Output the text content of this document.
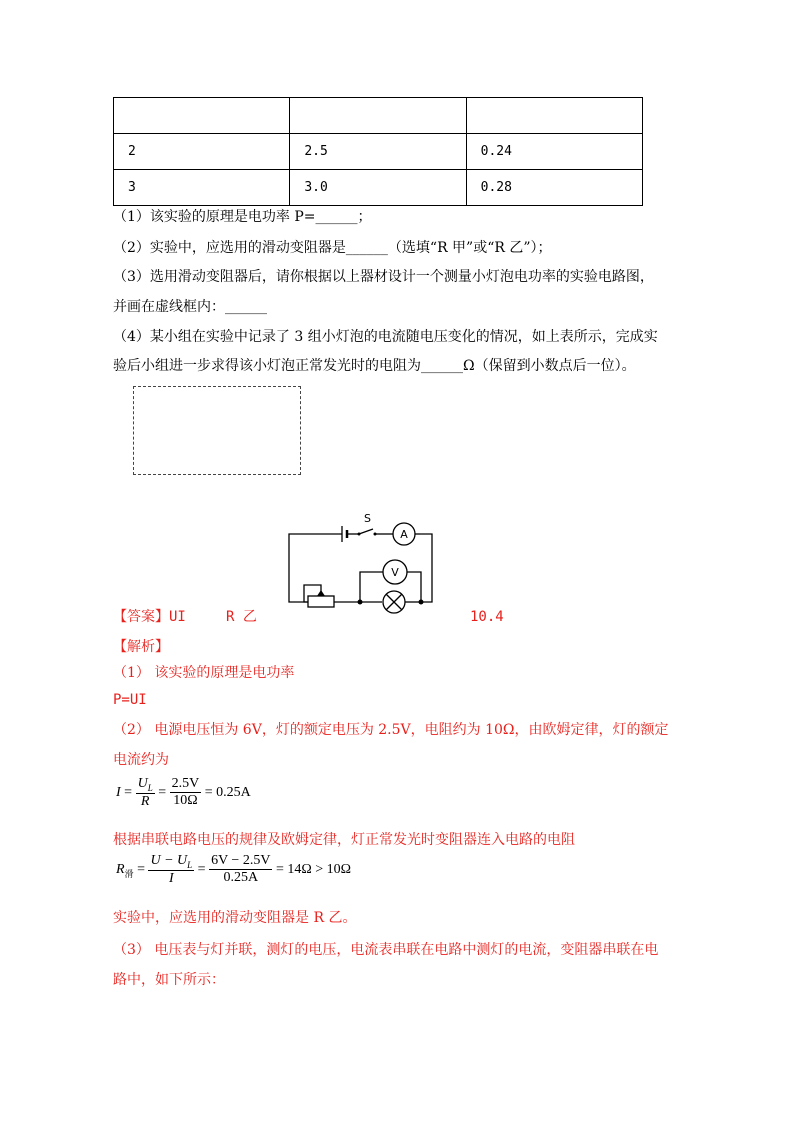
2	2.5	0.24
3	3.0	0.28
（1）该实验的原理是电功率 P=______；
（2）实验中，应选用的滑动变阻器是______（选填“R 甲”或“R 乙”）；
（3）选用滑动变阻器后，请你根据以上器材设计一个测量小灯泡电功率的实验电路图，
并画在虚线框内：______
（4）某小组在实验中记录了 3 组小灯泡的电流随电压变化的情况，如上表所示，完成实
验后小组进一步求得该小灯泡正常发光时的电阻为______Ω（保留到小数点后一位）。
S
A
V
【答案】UI	R 乙	10.4
【解析】
（1） 该实验的原理是电功率
P=UI
（2） 电源电压恒为 6V，灯的额定电压为 2.5V，电阻约为 10Ω，由欧姆定律，灯的额定
电流约为
$I = \frac{U_L}{R} = \frac{2.5V}{10\Omega} = 0.25A$
根据串联电路电压的规律及欧姆定律，灯正常发光时变阻器连入电路的电阻
$R_滑 = \frac{U - U_L}{I} = \frac{6V - 2.5V}{0.25A} = 14\Omega > 10\Omega$
实验中，应选用的滑动变阻器是 R 乙。
（3） 电压表与灯并联，测灯的电压，电流表串联在电路中测灯的电流，变阻器串联在电
路中，如下所示：
